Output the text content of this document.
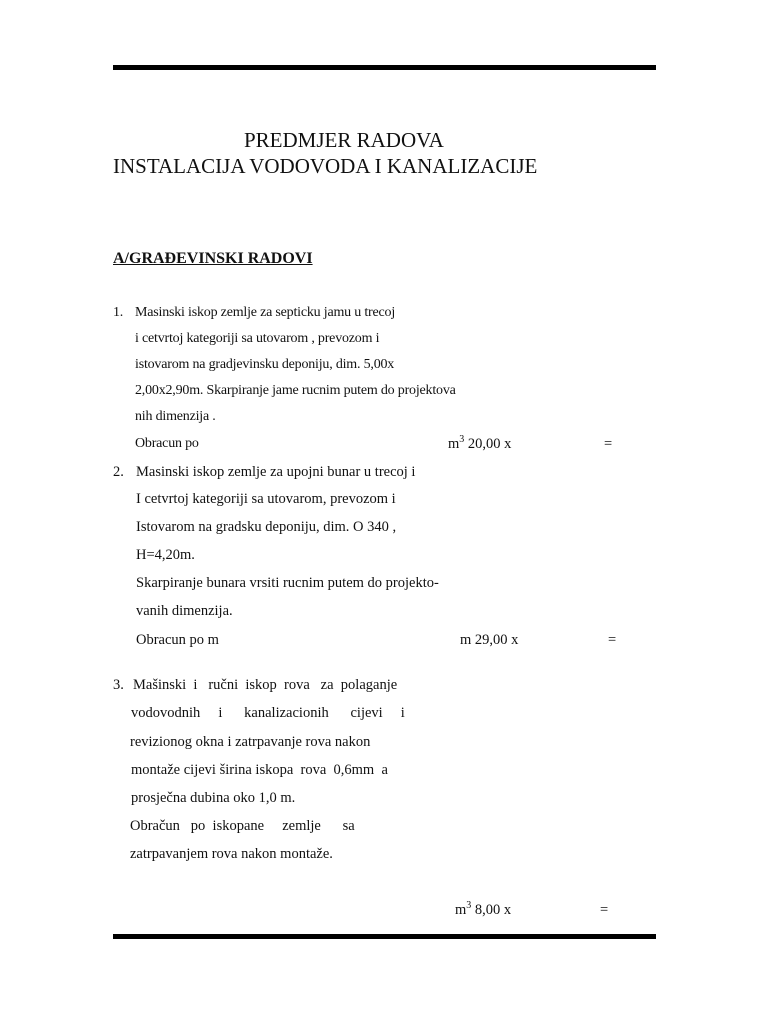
PREDMJER RADOVA
INSTALACIJA VODOVODA I KANALIZACIJE
A/GRAĐEVINSKI RADOVI
1. Masinski iskop zemlje za septicku jamu u trecoj
i cetvrtoj kategoriji sa utovarom , prevozom i
istovarom na gradjevinsku deponiju, dim. 5,00x
2,00x2,90m. Skarpiranje jame rucnim putem do projektova
nih dimenzija .
Obracun po	$m^3$ 20,00 x	=
2. Masinski iskop zemlje za upojni bunar u trecoj i
I cetvrtoj kategoriji sa utovarom, prevozom i
Istovarom na gradsku deponiju, dim. O 340 ,
H=4,20m.
Skarpiranje bunara vrsiti rucnim putem do projekto-
vanih dimenzija.
Obracun po m	m 29,00 x	=
3. Mašinski  i   ručni  iskop  rova   za  polaganje
vodovodnih     i      kanalizacionih      cijevi     i
revizionog okna i zatrpavanje rova nakon
montaže cijevi širina iskopa  rova  0,6mm  a
prosječna dubina oko 1,0 m.
Obračun   po  iskopane     zemlje      sa
zatrpavanjem rova nakon montaže.
$m^3$ 8,00 x	=
